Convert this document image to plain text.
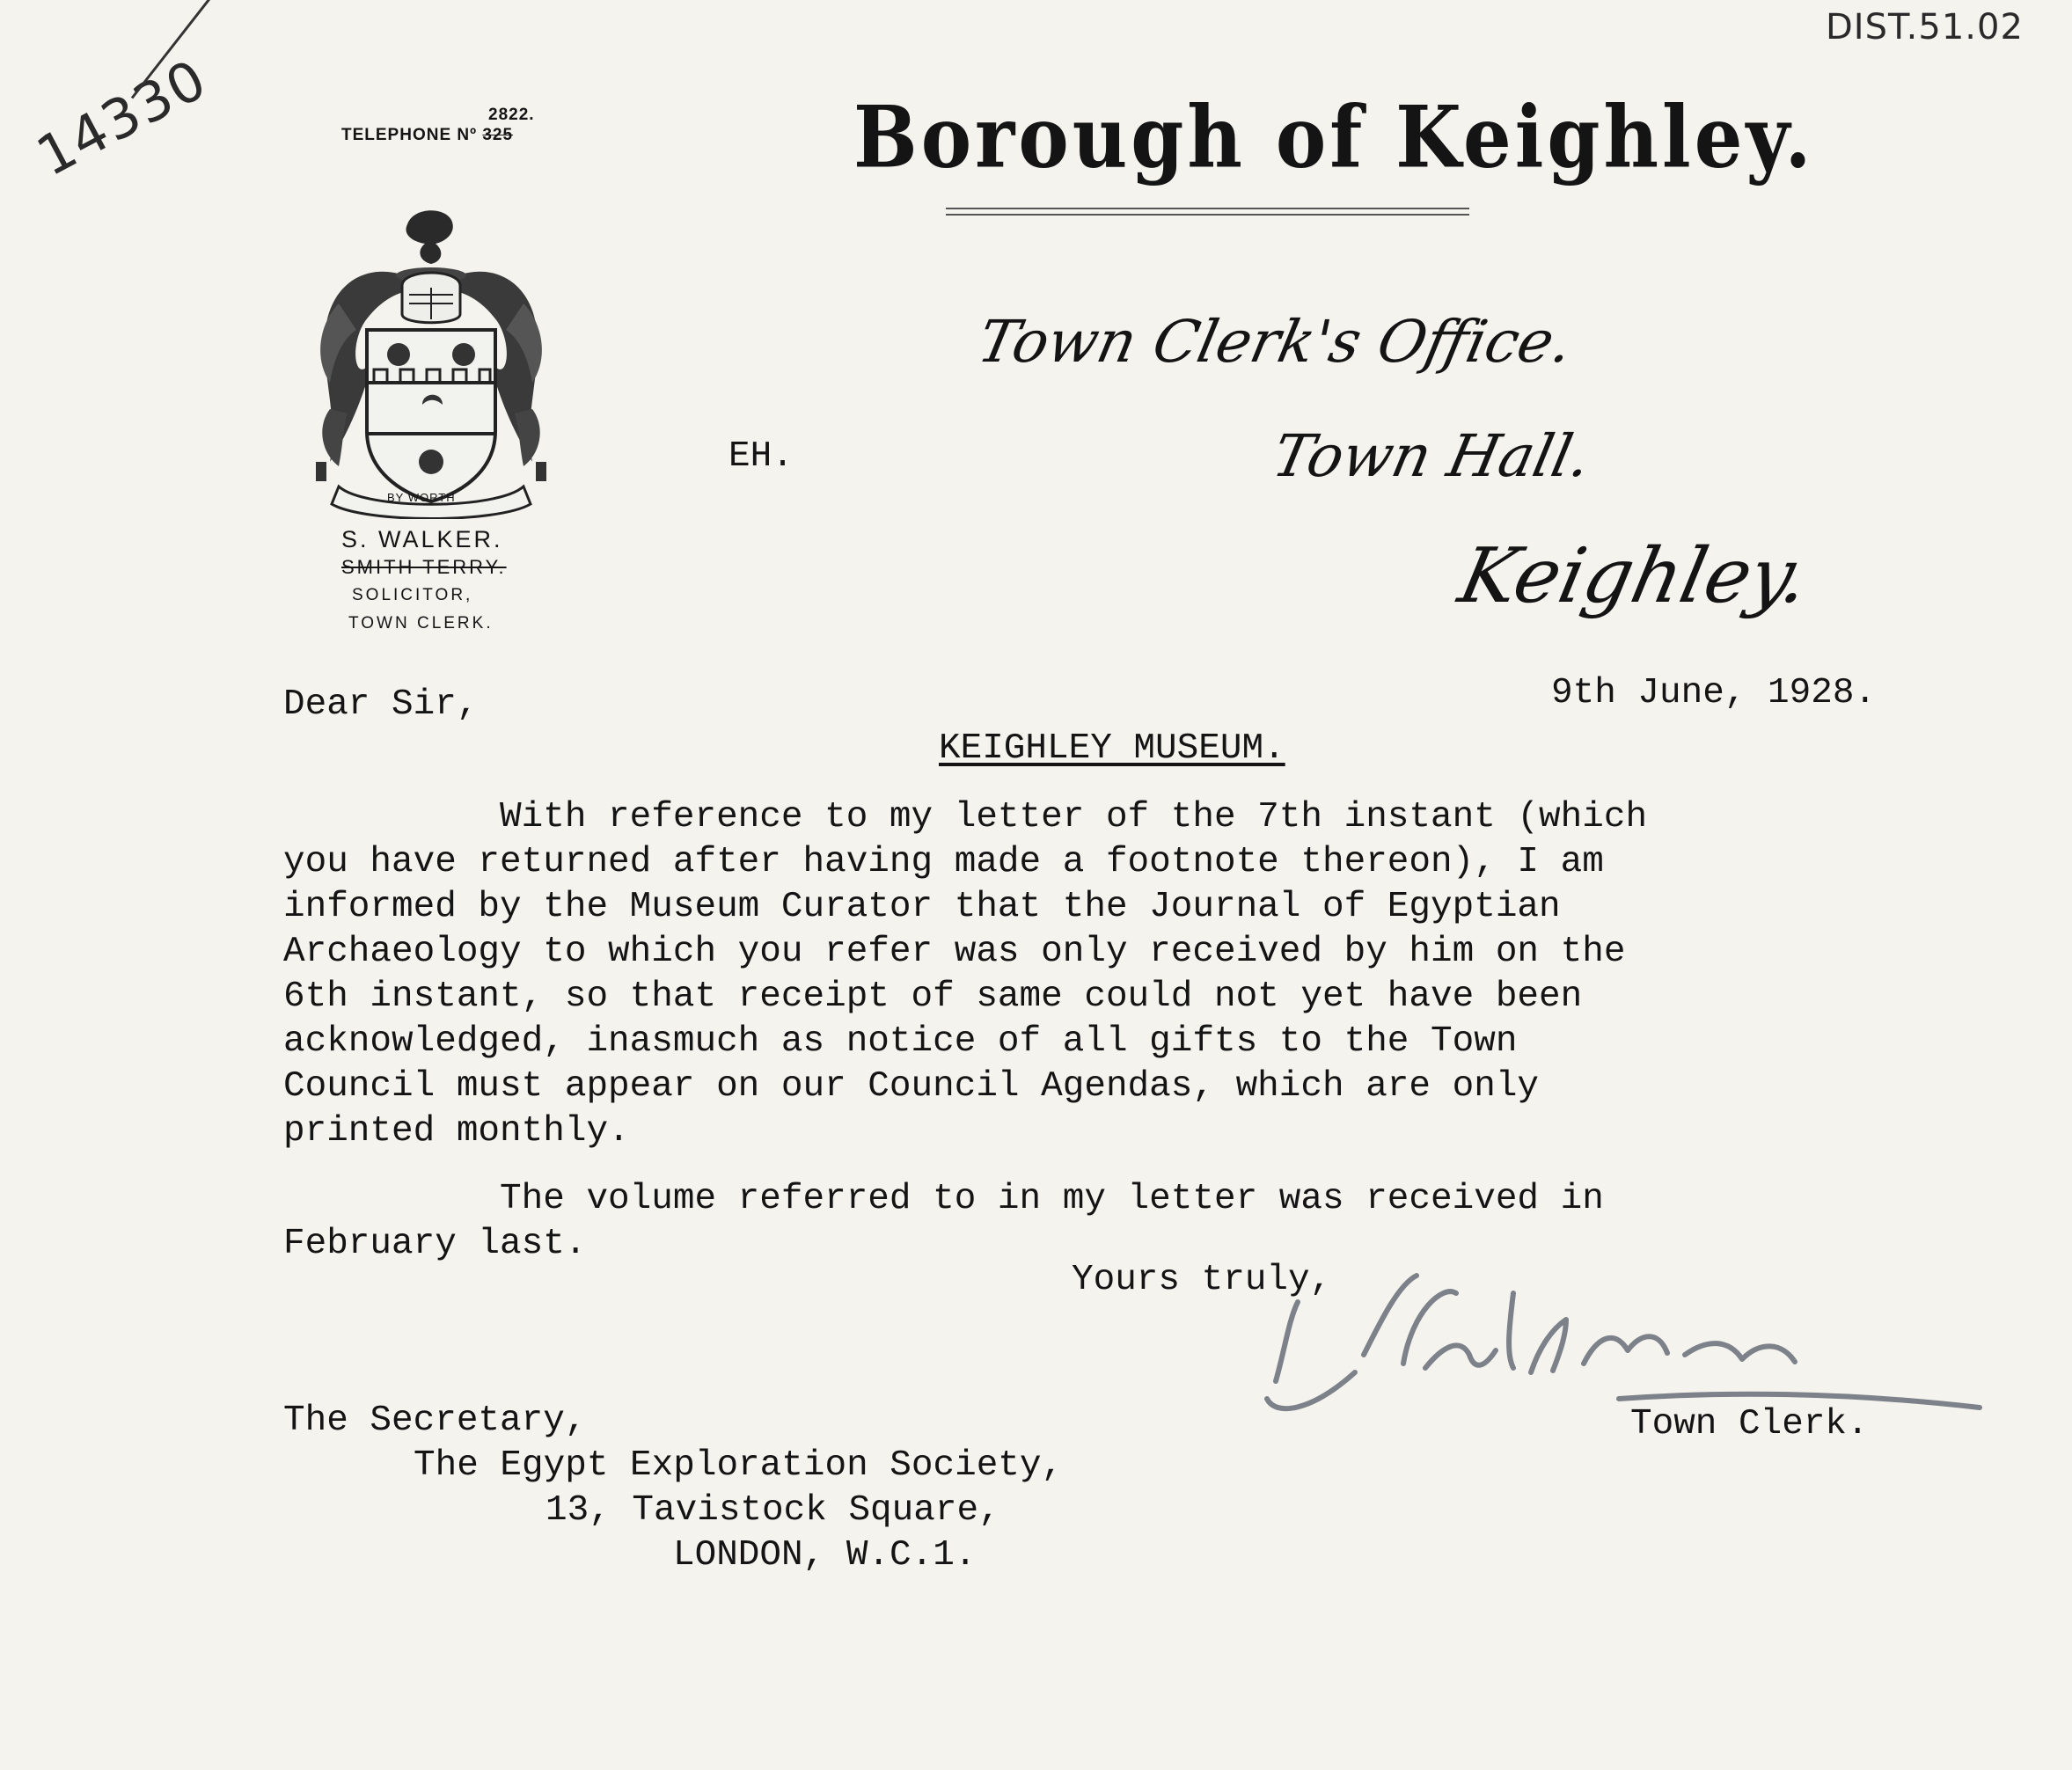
14330
DIST.51.02
2822.
TELEPHONE Nº 325
BY WORTH
S. WALKER.
SMITH TERRY.
SOLICITOR,
TOWN CLERK.
Borough of Keighley.
Town Clerk's Office.
Town Hall.
Keighley.
EH.
9th June, 1928.
Dear Sir,
KEIGHLEY MUSEUM.
With reference to my letter of the 7th instant (which
you have returned after having made a footnote thereon), I am
informed by the Museum Curator that the Journal of Egyptian
Archaeology to which you refer was only received by him on the
6th instant, so that receipt of same could not yet have been
acknowledged, inasmuch as notice of all gifts to the Town
Council must appear on our Council Agendas, which are only
printed monthly.
The volume referred to in my letter was received in
February last.
Yours truly,
Town Clerk.
The Secretary,
The Egypt Exploration Society,
13, Tavistock Square,
LONDON, W.C.1.
